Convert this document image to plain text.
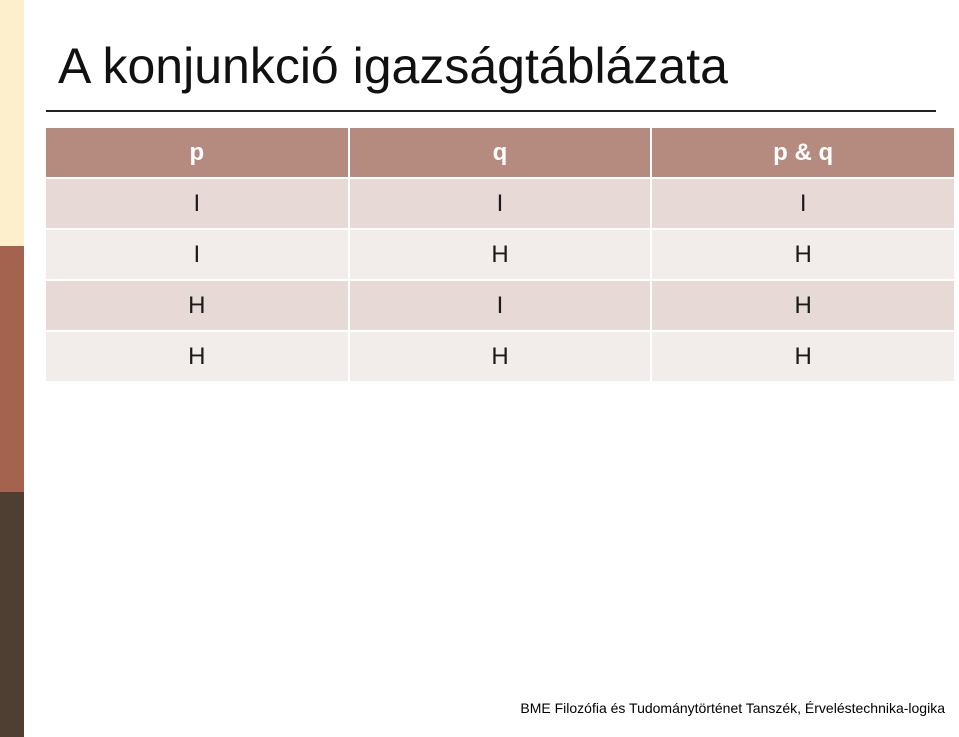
A konjunkció igazságtáblázata
p	q	p & q
I	I	I
I	H	H
H	I	H
H	H	H
BME Filozófia és Tudománytörténet Tanszék, Érveléstechnika-logika
